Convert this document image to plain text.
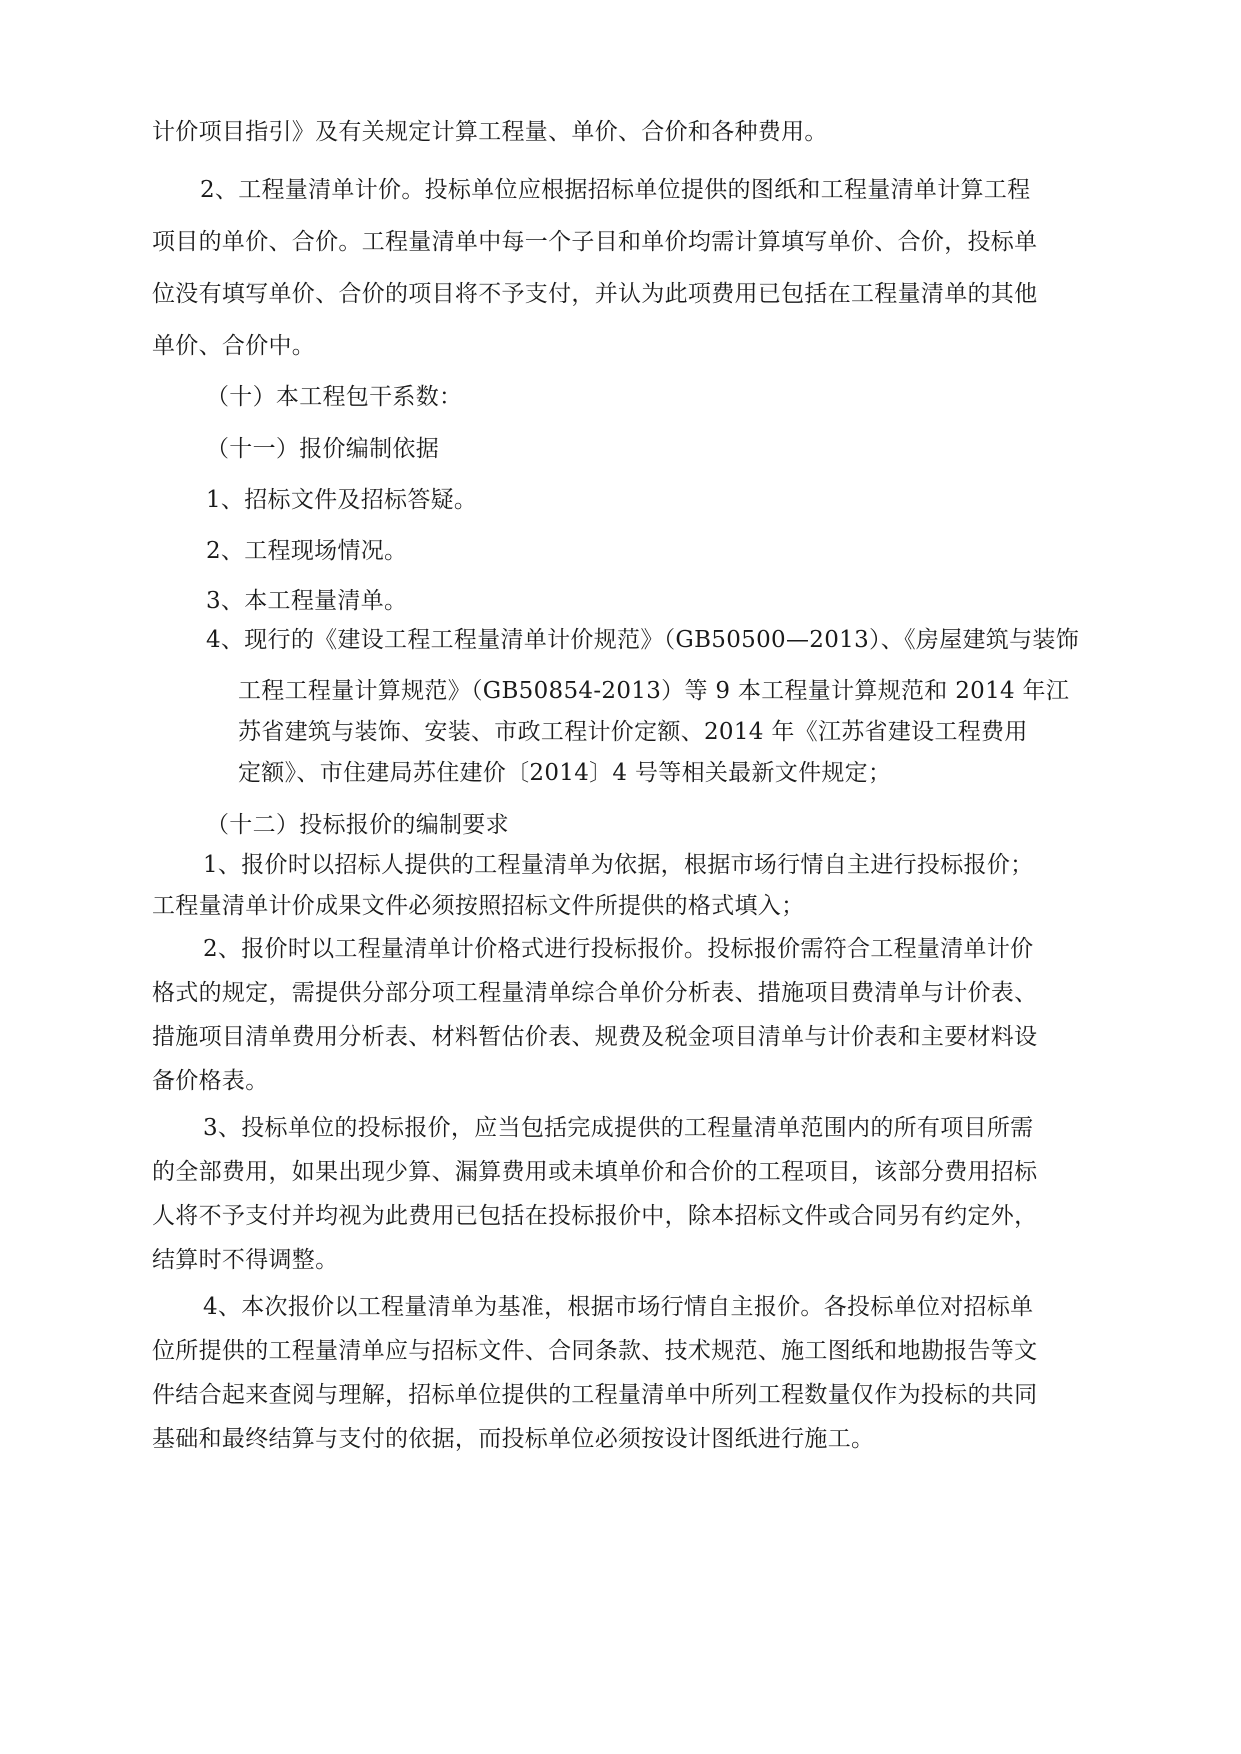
计价项目指引》及有关规定计算工程量、单价、合价和各种费用。

2、工程量清单计价。投标单位应根据招标单位提供的图纸和工程量清单计算工程

项目的单价、合价。工程量清单中每一个子目和单价均需计算填写单价、合价，投标单

位没有填写单价、合价的项目将不予支付，并认为此项费用已包括在工程量清单的其他

单价、合价中。

（十）本工程包干系数：

（十一）报价编制依据

1、招标文件及招标答疑。

2、工程现场情况。

3、本工程量清单。

4、现行的《建设工程工程量清单计价规范》（GB50500—2013）、《房屋建筑与装饰

工程工程量计算规范》（GB50854-2013）等 9 本工程量计算规范和 2014 年江

苏省建筑与装饰、安装、市政工程计价定额、2014 年《江苏省建设工程费用

定额》、市住建局苏住建价〔2014〕4 号等相关最新文件规定；

（十二）投标报价的编制要求

1、报价时以招标人提供的工程量清单为依据，根据市场行情自主进行投标报价；

工程量清单计价成果文件必须按照招标文件所提供的格式填入；

2、报价时以工程量清单计价格式进行投标报价。投标报价需符合工程量清单计价

格式的规定，需提供分部分项工程量清单综合单价分析表、措施项目费清单与计价表、

措施项目清单费用分析表、材料暂估价表、规费及税金项目清单与计价表和主要材料设

备价格表。

3、投标单位的投标报价，应当包括完成提供的工程量清单范围内的所有项目所需

的全部费用，如果出现少算、漏算费用或未填单价和合价的工程项目，该部分费用招标

人将不予支付并均视为此费用已包括在投标报价中，除本招标文件或合同另有约定外，

结算时不得调整。

4、本次报价以工程量清单为基准，根据市场行情自主报价。各投标单位对招标单

位所提供的工程量清单应与招标文件、合同条款、技术规范、施工图纸和地勘报告等文

件结合起来查阅与理解，招标单位提供的工程量清单中所列工程数量仅作为投标的共同

基础和最终结算与支付的依据，而投标单位必须按设计图纸进行施工。
